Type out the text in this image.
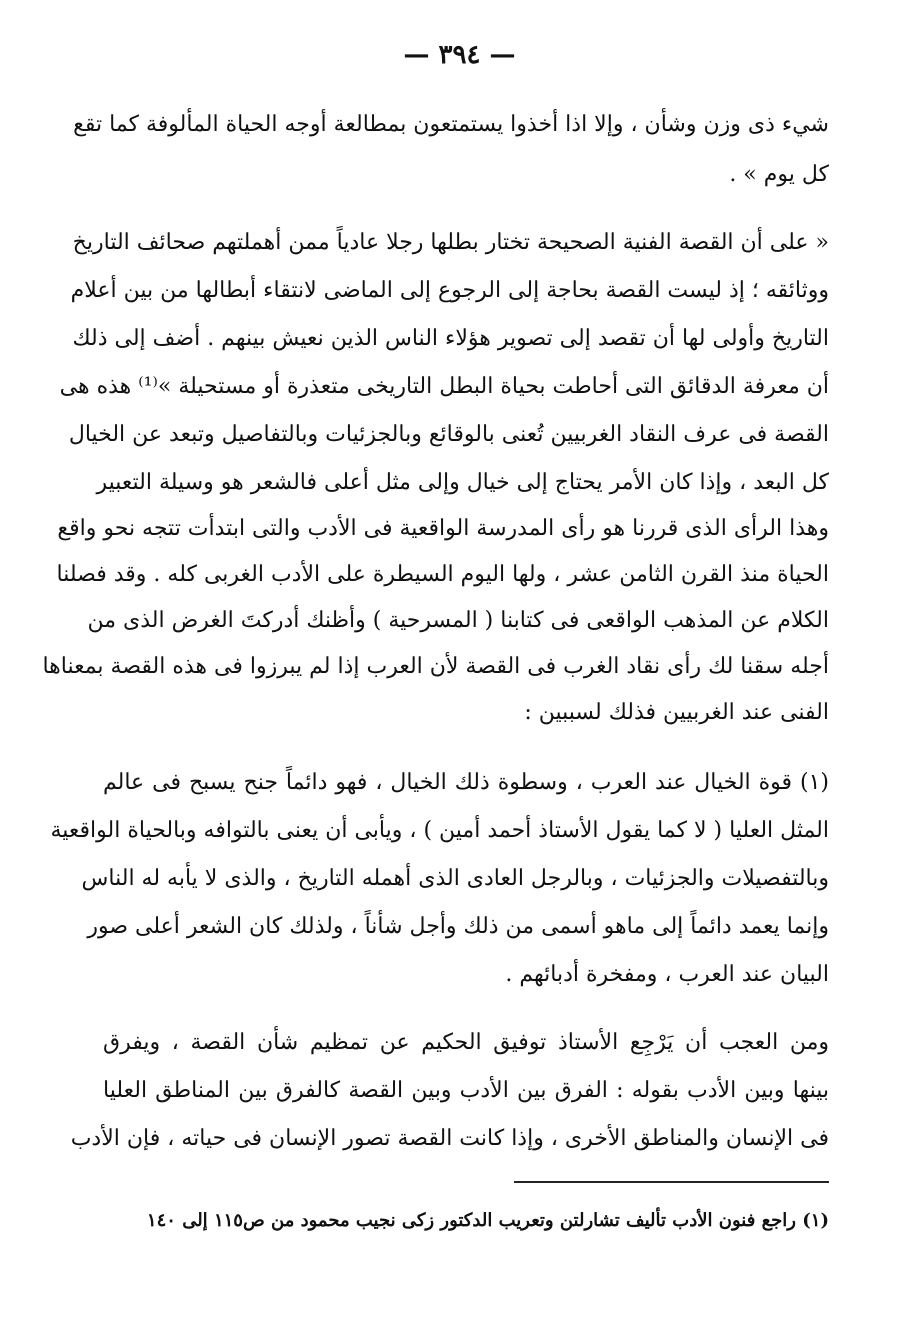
— ٣٩٤ —
شيء ذى وزن وشأن ، وإلا اذا أخذوا يستمتعون بمطالعة أوجه الحياة المألوفة كما تقع
كل يوم » .
« على أن القصة الفنية الصحيحة تختار بطلها رجلا عادياً ممن أهملتهم صحائف التاريخ
ووثائقه ؛ إذ ليست القصة بحاجة إلى الرجوع إلى الماضى لانتقاء أبطالها من بين أعلام
التاريخ وأولى لها أن تقصد إلى تصوير هؤلاء الناس الذين نعيش بينهم . أضف إلى ذلك
أن معرفة الدقائق التى أحاطت بحياة البطل التاريخى متعذرة أو مستحيلة »⁽¹⁾ هذه هى
القصة فى عرف النقاد الغربيين تُعنى بالوقائع وبالجزئيات وبالتفاصيل وتبعد عن الخيال
كل البعد ، وإذا كان الأمر يحتاج إلى خيال وإلى مثل أعلى فالشعر هو وسيلة التعبير
وهذا الرأى الذى قررنا هو رأى المدرسة الواقعية فى الأدب والتى ابتدأت تتجه نحو واقع
الحياة منذ القرن الثامن عشر ، ولها اليوم السيطرة على الأدب الغربى كله . وقد فصلنا
الكلام عن المذهب الواقعى فى كتابنا ( المسرحية ) وأظنك أدركتَ الغرض الذى من
أجله سقنا لك رأى نقاد الغرب فى القصة لأن العرب إذا لم يبرزوا فى هذه القصة بمعناها
الفنى عند الغربيين فذلك لسببين :
(١) قوة الخيال عند العرب ، وسطوة ذلك الخيال ، فهو دائماً جنح يسبح فى عالم
المثل العليا ( لا كما يقول الأستاذ أحمد أمين ) ، ويأبى أن يعنى بالتوافه وبالحياة الواقعية
وبالتفصيلات والجزئيات ، وبالرجل العادى الذى أهمله التاريخ ، والذى لا يأبه له الناس
وإنما يعمد دائماً إلى ماهو أسمى من ذلك وأجل شأناً ، ولذلك كان الشعر أعلى صور
البيان عند العرب ، ومفخرة أدبائهم .
ومن العجب أن يَرْجِع الأستاذ توفيق الحكيم عن تمظيم شأن القصة ، ويفرق
بينها وبين الأدب بقوله : الفرق بين الأدب وبين القصة كالفرق بين المناطق العليا
فى الإنسان والمناطق الأخرى ، وإذا كانت القصة تصور الإنسان فى حياته ، فإن الأدب
(١) راجع فنون الأدب تأليف تشارلتن وتعريب الدكتور زكى نجيب محمود من ص١١٥ إلى ١٤٠
